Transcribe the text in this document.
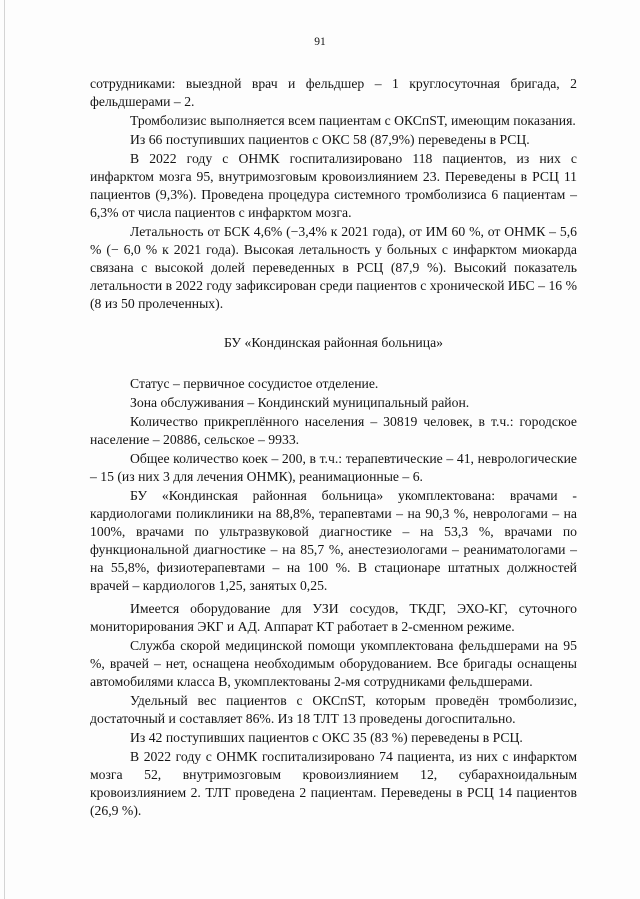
91

сотрудниками: выездной врач и фельдшер – 1 круглосуточная бригада, 2 фельдшерами – 2.

Тромболизис выполняется всем пациентам с ОКСпST, имеющим показания.

Из 66 поступивших пациентов с ОКС 58 (87,9%) переведены в РСЦ.

В 2022 году с ОНМК госпитализировано 118 пациентов, из них с инфарктом мозга 95, внутримозговым кровоизлиянием 23. Переведены в РСЦ 11 пациентов (9,3%). Проведена процедура системного тромболизиса 6 пациентам – 6,3% от числа пациентов с инфарктом мозга.

Летальность от БСК 4,6% (−3,4% к 2021 года), от ИМ 60 %, от ОНМК – 5,6 % (− 6,0 % к 2021 года). Высокая летальность у больных с инфарктом миокарда связана с высокой долей переведенных в РСЦ (87,9 %). Высокий показатель летальности в 2022 году зафиксирован среди пациентов с хронической ИБС – 16 % (8 из 50 пролеченных).

БУ «Кондинская районная больница»

Статус – первичное сосудистое отделение.

Зона обслуживания – Кондинский муниципальный район.

Количество прикреплённого населения – 30819 человек, в т.ч.: городское население – 20886, сельское – 9933.

Общее количество коек – 200, в т.ч.: терапевтические – 41, неврологические – 15 (из них 3 для лечения ОНМК), реанимационные – 6.

БУ «Кондинская районная больница» укомплектована: врачами - кардиологами поликлиники на 88,8%, терапевтами – на 90,3 %, неврологами – на 100%, врачами по ультразвуковой диагностике – на 53,3 %, врачами по функциональной диагностике – на 85,7 %, анестезиологами – реаниматологами – на 55,8%, физиотерапевтами – на 100 %. В стационаре штатных должностей врачей – кардиологов 1,25, занятых 0,25.

Имеется оборудование для УЗИ сосудов, ТКДГ, ЭХО-КГ, суточного мониторирования ЭКГ и АД. Аппарат КТ работает в 2-сменном режиме.

Служба скорой медицинской помощи укомплектована фельдшерами на 95 %, врачей – нет, оснащена необходимым оборудованием. Все бригады оснащены автомобилями класса В, укомплектованы 2-мя сотрудниками фельдшерами.

Удельный вес пациентов с ОКСпST, которым проведён тромболизис, достаточный и составляет 86%. Из 18 ТЛТ 13 проведены догоспитально.

Из 42 поступивших пациентов с ОКС 35 (83 %) переведены в РСЦ.

В 2022 году с ОНМК госпитализировано 74 пациента, из них с инфарктом мозга 52, внутримозговым кровоизлиянием 12, субарахноидальным кровоизлиянием 2. ТЛТ проведена 2 пациентам. Переведены в РСЦ 14 пациентов (26,9 %).
